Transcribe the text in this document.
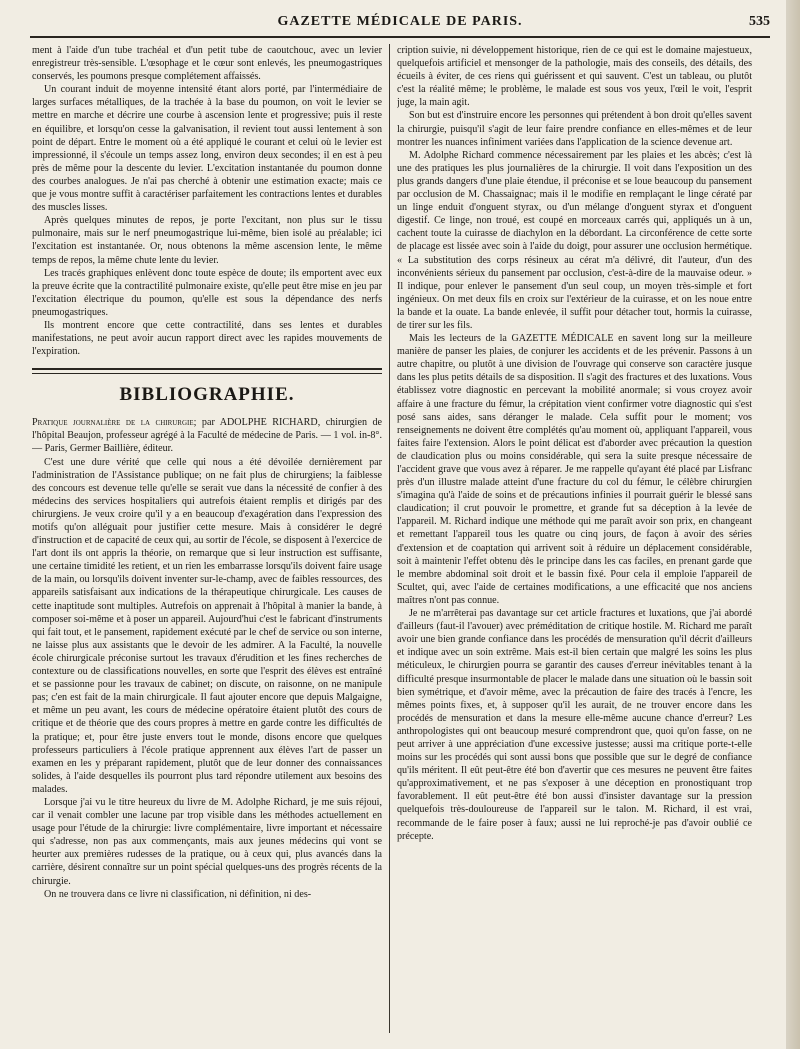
GAZETTE MÉDICALE DE PARIS.	535

ment à l'aide d'un tube trachéal et d'un petit tube de caoutchouc, avec un levier enregistreur très-sensible. L'œsophage et le cœur sont enlevés, les pneumogastriques conservés, les poumons presque complétement affaissés.

Un courant induit de moyenne intensité étant alors porté, par l'intermédiaire de larges surfaces métalliques, de la trachée à la base du poumon, on voit le levier se mettre en marche et décrire une courbe à ascension lente et progressive; puis il reste en équilibre, et lorsqu'on cesse la galvanisation, il revient tout aussi lentement à son point de départ. Entre le moment où a été appliqué le courant et celui où le levier est impressionné, il s'écoule un temps assez long, environ deux secondes; il en est à peu près de même pour la descente du levier. L'excitation instantanée du poumon donne des courbes analogues. Je n'ai pas cherché à obtenir une estimation exacte; mais ce que je vous montre suffit à caractériser parfaitement les contractions lentes et durables des muscles lisses.

Après quelques minutes de repos, je porte l'excitant, non plus sur le tissu pulmonaire, mais sur le nerf pneumogastrique lui-même, bien isolé au préalable; ici l'excitation est instantanée. Or, nous obtenons la même ascension lente, le même temps de repos, la même chute lente du levier.

Les tracés graphiques enlèvent donc toute espèce de doute; ils emportent avec eux la preuve écrite que la contractilité pulmonaire existe, qu'elle peut être mise en jeu par l'excitation électrique du poumon, qu'elle est sous la dépendance des nerfs pneumogastriques.

Ils montrent encore que cette contractilité, dans ses lentes et durables manifestations, ne peut avoir aucun rapport direct avec les rapides mouvements de l'expiration.

BIBLIOGRAPHIE.

Pratique journalière de la chirurgie; par ADOLPHE RICHARD, chirurgien de l'hôpital Beaujon, professeur agrégé à la Faculté de médecine de Paris. — 1 vol. in-8°. — Paris, Germer Baillière, éditeur.

C'est une dure vérité que celle qui nous a été dévoilée dernièrement par l'administration de l'Assistance publique; on ne fait plus de chirurgiens; la faiblesse des concours est devenue telle qu'elle se serait vue dans la nécessité de confier à des médecins des services hospitaliers qui autrefois étaient remplis et dirigés par des chirurgiens. Je veux croire qu'il y a en beaucoup d'exagération dans l'expression des motifs qu'on alléguait pour justifier cette mesure. Mais à considérer le degré d'instruction et de capacité de ceux qui, au sortir de l'école, se disposent à l'exercice de l'art dont ils ont appris la théorie, on remarque que si leur instruction est suffisante, une certaine timidité les retient, et un rien les embarrasse lorsqu'ils doivent faire usage de la main, ou lorsqu'ils doivent inventer sur-le-champ, avec de faibles ressources, des appareils satisfaisant aux indications de la thérapeutique chirurgicale. Les causes de cette inaptitude sont multiples. Autrefois on apprenait à l'hôpital à manier la bande, à composer soi-même et à poser un appareil. Aujourd'hui c'est le fabricant d'instruments qui fait tout, et le pansement, rapidement exécuté par le chef de service ou son interne, ne laisse plus aux assistants que le devoir de les admirer. A la Faculté, la nouvelle école chirurgicale préconise surtout les travaux d'érudition et les fines recherches de contexture ou de classifications nouvelles, en sorte que l'esprit des élèves est entraîné et se passionne pour les travaux de cabinet; on discute, on raisonne, on ne manipule pas; c'en est fait de la main chirurgicale. Il faut ajouter encore que depuis Malgaigne, et même un peu avant, les cours de médecine opératoire étaient plutôt des cours de critique et de théorie que des cours propres à mettre en garde contre les difficultés de la pratique; et, pour être juste envers tout le monde, disons encore que quelques professeurs particuliers à l'école pratique apprennent aux élèves l'art de passer un examen en les y préparant rapidement, plutôt que de leur donner des connaissances solides, à l'aide desquelles ils pourront plus tard répondre utilement aux besoins des malades.

Lorsque j'ai vu le titre heureux du livre de M. Adolphe Richard, je me suis réjoui, car il venait combler une lacune par trop visible dans les méthodes actuellement en usage pour l'étude de la chirurgie: livre complémentaire, livre important et nécessaire qui s'adresse, non pas aux commençants, mais aux jeunes médecins qui vont se heurter aux premières rudesses de la pratique, ou à ceux qui, plus avancés dans la carrière, désirent connaître sur un point spécial quelques-uns des progrès récents de la chirurgie.

On ne trouvera dans ce livre ni classification, ni définition, ni des-

cription suivie, ni développement historique, rien de ce qui est le domaine majestueux, quelquefois artificiel et mensonger de la pathologie, mais des conseils, des détails, des écueils à éviter, de ces riens qui guérissent et qui sauvent. C'est un tableau, ou plutôt c'est la réalité même; le problème, le malade est sous vos yeux, l'œil le voit, l'esprit juge, la main agit.

Son but est d'instruire encore les personnes qui prétendent à bon droit qu'elles savent la chirurgie, puisqu'il s'agit de leur faire prendre confiance en elles-mêmes et de leur montrer les nuances infiniment variées dans l'application de la science devenue art.

M. Adolphe Richard commence nécessairement par les plaies et les abcès; c'est là une des pratiques les plus journalières de la chirurgie. Il voit dans l'exposition un des plus grands dangers d'une plaie étendue, il préconise et se loue beaucoup du pansement par occlusion de M. Chassaignac; mais il le modifie en remplaçant le linge cératé par un linge enduit d'onguent styrax, ou d'un mélange d'onguent styrax et d'onguent digestif. Ce linge, non troué, est coupé en morceaux carrés qui, appliqués un à un, cachent toute la cuirasse de diachylon en la débordant. La circonférence de cette sorte de placage est lissée avec soin à l'aide du doigt, pour assurer une occlusion hermétique. « La substitution des corps résineux au cérat m'a délivré, dit l'auteur, d'un des inconvénients sérieux du pansement par occlusion, c'est-à-dire de la mauvaise odeur. » Il indique, pour enlever le pansement d'un seul coup, un moyen très-simple et fort ingénieux. On met deux fils en croix sur l'extérieur de la cuirasse, et on les noue entre la bande et la ouate. La bande enlevée, il suffit pour détacher tout, hormis la cuirasse, de tirer sur les fils.

Mais les lecteurs de la GAZETTE MÉDICALE en savent long sur la meilleure manière de panser les plaies, de conjurer les accidents et de les prévenir. Passons à un autre chapitre, ou plutôt à une division de l'ouvrage qui conserve son caractère jusque dans les plus petits détails de sa disposition. Il s'agit des fractures et des luxations. Vous établissez votre diagnostic en percevant la mobilité anormale; si vous croyez avoir affaire à une fracture du fémur, la crépitation vient confirmer votre diagnostic qui s'est posé sans aides, sans déranger le malade. Cela suffit pour le moment; vos renseignements ne doivent être complétés qu'au moment où, appliquant l'appareil, vous faites faire l'extension. Alors le point délicat est d'aborder avec précaution la question de claudication plus ou moins considérable, qui sera la suite presque nécessaire de l'accident grave que vous avez à réparer. Je me rappelle qu'ayant été placé par Lisfranc près d'un illustre malade atteint d'une fracture du col du fémur, le célèbre chirurgien s'imagina qu'à l'aide de soins et de précautions infinies il pourrait guérir le blessé sans claudication; il crut pouvoir le promettre, et grande fut sa déception à la levée de l'appareil. M. Richard indique une méthode qui me paraît avoir son prix, en changeant et remettant l'appareil tous les quatre ou cinq jours, de façon à avoir des séries d'extension et de coaptation qui arrivent soit à réduire un déplacement considérable, soit à maintenir l'effet obtenu dès le principe dans les cas faciles, en prenant garde que le membre abdominal soit droit et le bassin fixé. Pour cela il emploie l'appareil de Scultet, qui, avec l'aide de certaines modifications, a une efficacité que nos anciens maîtres n'ont pas connue.

Je ne m'arrêterai pas davantage sur cet article fractures et luxations, que j'ai abordé d'ailleurs (faut-il l'avouer) avec préméditation de critique hostile. M. Richard me paraît avoir une bien grande confiance dans les procédés de mensuration qu'il décrit d'ailleurs et indique avec un soin extrême. Mais est-il bien certain que malgré les soins les plus méticuleux, le chirurgien pourra se garantir des causes d'erreur inévitables tenant à la difficulté presque insurmontable de placer le malade dans une situation où le bassin soit bien symétrique, et d'avoir même, avec la précaution de faire des tracés à l'encre, les mêmes points fixes, et, à supposer qu'il les aurait, de ne trouver encore dans les procédés de mensuration et dans la mesure elle-même aucune chance d'erreur? Les anthropologistes qui ont beaucoup mesuré comprendront que, quoi qu'on fasse, on ne peut arriver à une appréciation d'une excessive justesse; aussi ma critique porte-t-elle moins sur les procédés qui sont aussi bons que possible que sur le degré de confiance qu'ils méritent. Il eût peut-être été bon d'avertir que ces mesures ne peuvent être faites qu'approximativement, et ne pas s'exposer à une déception en pronostiquant trop favorablement. Il eût peut-être été bon aussi d'insister davantage sur la pression quelquefois très-douloureuse de l'appareil sur le talon. M. Richard, il est vrai, recommande de le faire poser à faux; aussi ne lui reproché-je pas d'avoir oublié ce précepte.
